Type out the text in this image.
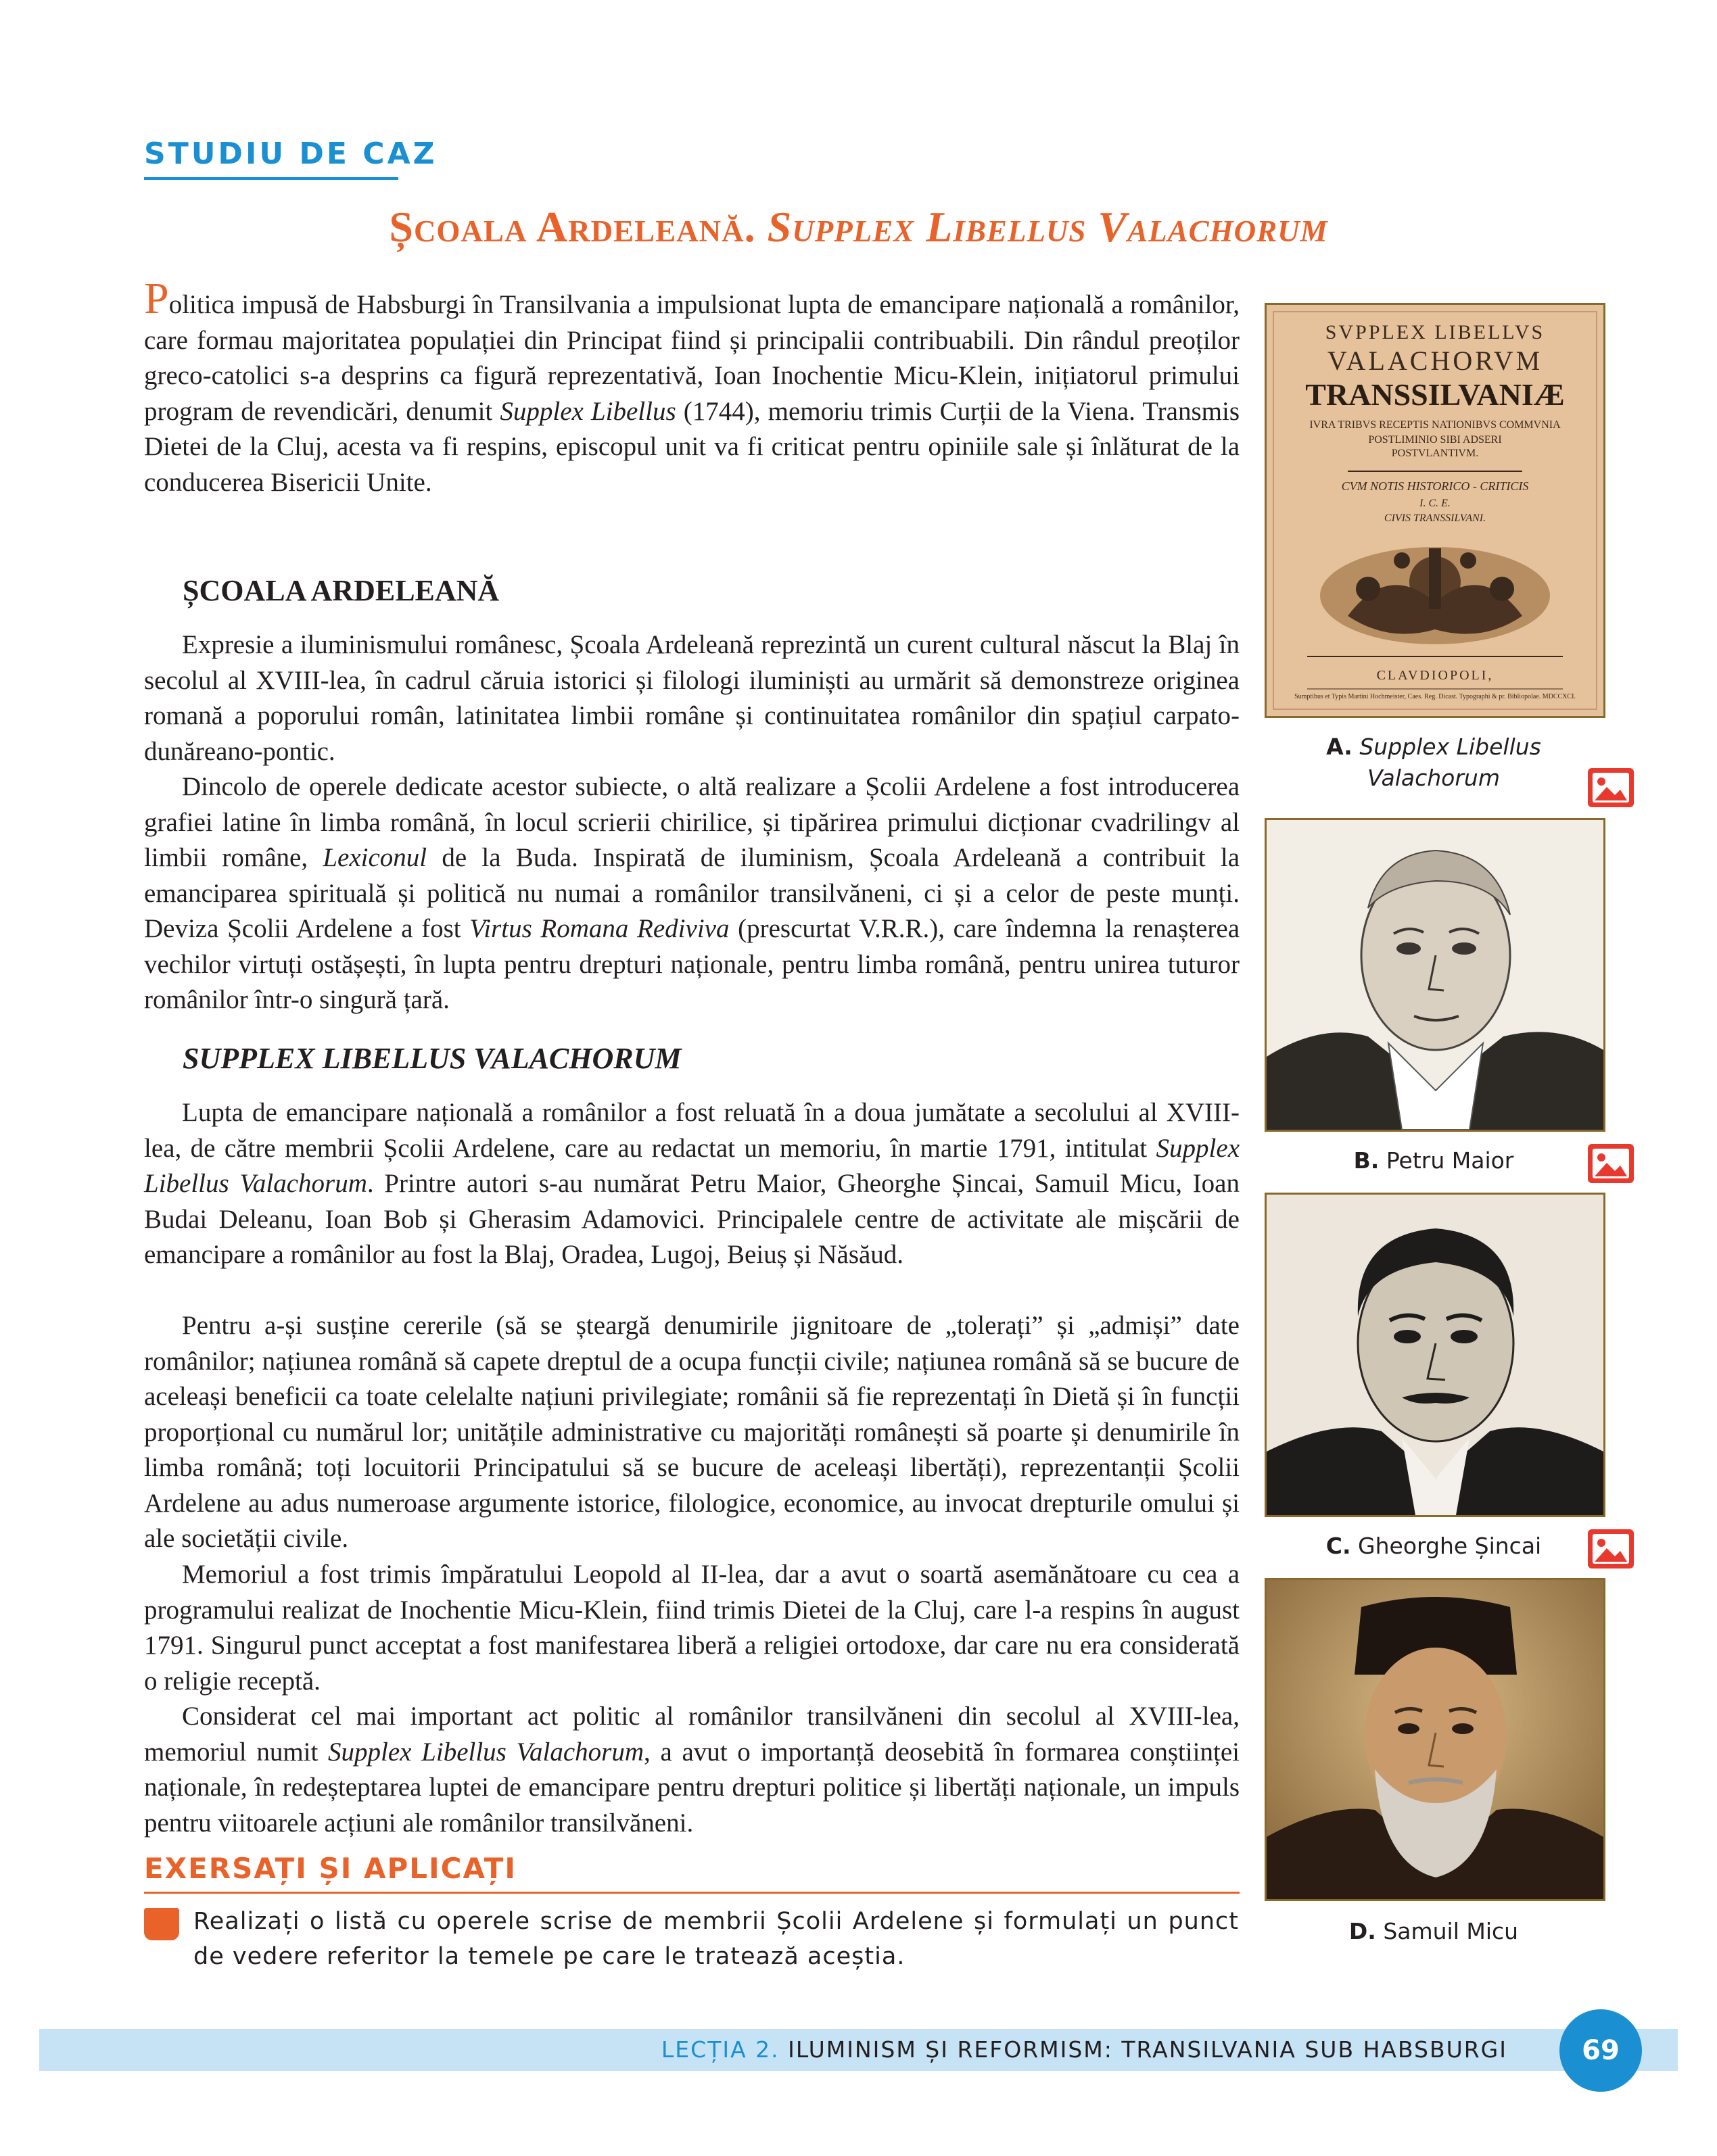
STUDIU DE CAZ
Școala Ardeleană. Supplex Libellus Valachorum

Politica impusă de Habsburgi în Transilvania a impulsionat lupta de emancipare națională a românilor, care formau majoritatea populației din Principat fiind și principalii contribuabili. Din rândul preoților greco-catolici s-a desprins ca figură reprezentativă, Ioan Inochentie Micu-Klein, inițiatorul primului program de revendicări, denumit Supplex Libellus (1744), memoriu trimis Curții de la Viena. Transmis Dietei de la Cluj, acesta va fi respins, episcopul unit va fi criticat pentru opiniile sale și înlăturat de la conducerea Bisericii Unite.

ȘCOALA ARDELEANĂ

Expresie a iluminismului românesc, Școala Ardeleană reprezintă un curent cultural născut la Blaj în secolul al XVIII-lea, în cadrul căruia istorici și filologi iluminiști au urmărit să demonstreze originea romană a poporului român, latinitatea limbii române și continuitatea românilor din spațiul carpato-dunăreano-pontic.

Dincolo de operele dedicate acestor subiecte, o altă realizare a Școlii Ardelene a fost introducerea grafiei latine în limba română, în locul scrierii chirilice, și tipărirea primului dicționar cvadrilingv al limbii române, Lexiconul de la Buda. Inspirată de iluminism, Școala Ardeleană a contribuit la emanciparea spirituală și politică nu numai a românilor transilvăneni, ci și a celor de peste munți. Deviza Școlii Ardelene a fost Virtus Romana Rediviva (prescurtat V.R.R.), care îndemna la renașterea vechilor virtuți ostășești, în lupta pentru drepturi naționale, pentru limba română, pentru unirea tuturor românilor într-o singură țară.

SUPPLEX LIBELLUS VALACHORUM

Lupta de emancipare națională a românilor a fost reluată în a doua jumătate a secolului al XVIII-lea, de către membrii Școlii Ardelene, care au redactat un memoriu, în martie 1791, intitulat Supplex Libellus Valachorum. Printre autori s-au numărat Petru Maior, Gheorghe Șincai, Samuil Micu, Ioan Budai Deleanu, Ioan Bob și Gherasim Adamovici. Principalele centre de activitate ale mișcării de emancipare a românilor au fost la Blaj, Oradea, Lugoj, Beiuș și Năsăud.

Pentru a-și susține cererile (să se șteargă denumirile jignitoare de „tolerați” și „admiși” date românilor; națiunea română să capete dreptul de a ocupa funcții civile; națiunea română să se bucure de aceleași beneficii ca toate celelalte națiuni privilegiate; românii să fie reprezentați în Dietă și în funcții proporțional cu numărul lor; unitățile administrative cu majorități românești să poarte și denumirile în limba română; toți locuitorii Principatului să se bucure de aceleași libertăți), reprezentanții Școlii Ardelene au adus numeroase argumente istorice, filologice, economice, au invocat drepturile omului și ale societății civile.

Memoriul a fost trimis împăratului Leopold al II-lea, dar a avut o soartă asemănătoare cu cea a programului realizat de Inochentie Micu-Klein, fiind trimis Dietei de la Cluj, care l-a respins în august 1791. Singurul punct acceptat a fost manifestarea liberă a religiei ortodoxe, dar care nu era considerată o religie receptă.

Considerat cel mai important act politic al românilor transilvăneni din secolul al XVIII-lea, memoriul numit Supplex Libellus Valachorum, a avut o importanță deosebită în formarea conștiinței naționale, în redeșteptarea luptei de emancipare pentru drepturi politice și libertăți naționale, un impuls pentru viitoarele acțiuni ale românilor transilvăneni.

EXERSAȚI ȘI APLICAȚI
Realizați o listă cu operele scrise de membrii Școlii Ardelene și formulați un punct de vedere referitor la temele pe care le tratează aceștia.
SVPPLEX LIBELLVS
VALACHORVM
TRANSSILVANIÆ
IVRA TRIBVS RECEPTIS NATIONIBVS COMMVNIA
POSTLIMINIO SIBI ADSERI
POSTVLANTIVM.
CVM NOTIS HISTORICO - CRITICIS
I. C. E.
CIVIS TRANSSILVANI.
CLAVDIOPOLI,
Sumptibus et Typis Martini Hochmeister, Caes. Reg. Dicast. Typographi & pr. Bibliopolae. MDCCXCI.
A. Supplex Libellus Valachorum
B. Petru Maior
C. Gheorghe Șincai
D. Samuil Micu
LECȚIA 2. ILUMINISM ȘI REFORMISM: TRANSILVANIA SUB HABSBURGI	69
